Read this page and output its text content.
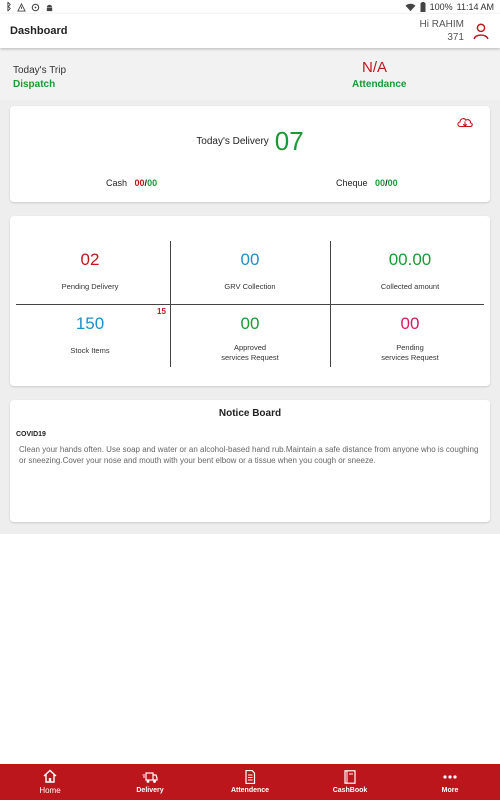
ᛒ	100% 11:14 AM
Dashboard
Hi RAHIM
371
Today's Trip
Dispatch
N/A
Attendance
Today's Delivery 07
Cash 00/00	Cheque 00/00
02
Pending Delivery
00
GRV Collection
00.00
Collected amount
15
150
Stock Items
00
Approved
services Request
00
Pending
services Request
Notice Board
COVID19
Clean your hands often. Use soap and water or an alcohol-based hand rub.Maintain a safe distance from anyone who is coughing or sneezing.Cover your nose and mouth with your bent elbow or a tissue when you cough or sneeze.
Home	Delivery	Attendence	CashBook	More
